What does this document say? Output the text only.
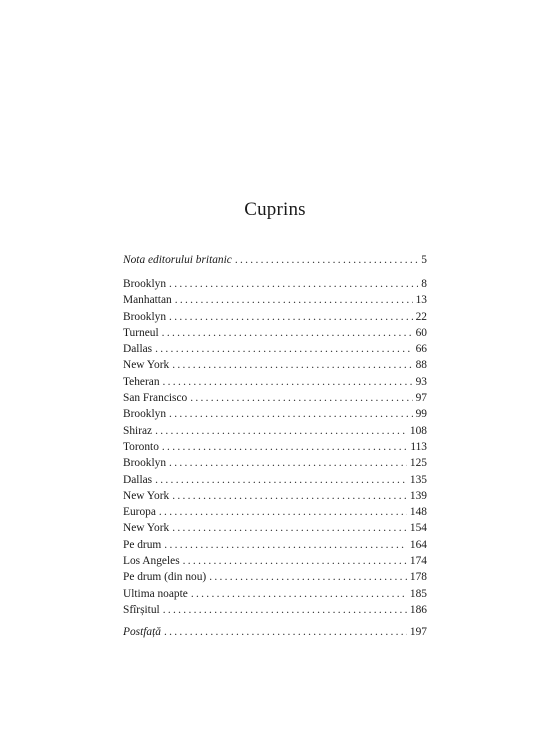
Cuprins
Nota editorului britanic .....	5
Brooklyn .....	8
Manhattan .....	13
Brooklyn .....	22
Turneul .....	60
Dallas .....	66
New York .....	88
Teheran .....	93
San Francisco .....	97
Brooklyn .....	99
Shiraz .....	108
Toronto .....	113
Brooklyn .....	125
Dallas .....	135
New York .....	139
Europa .....	148
New York .....	154
Pe drum .....	164
Los Angeles .....	174
Pe drum (din nou) .....	178
Ultima noapte .....	185
Sfîrșitul .....	186
Postfață .....	197
